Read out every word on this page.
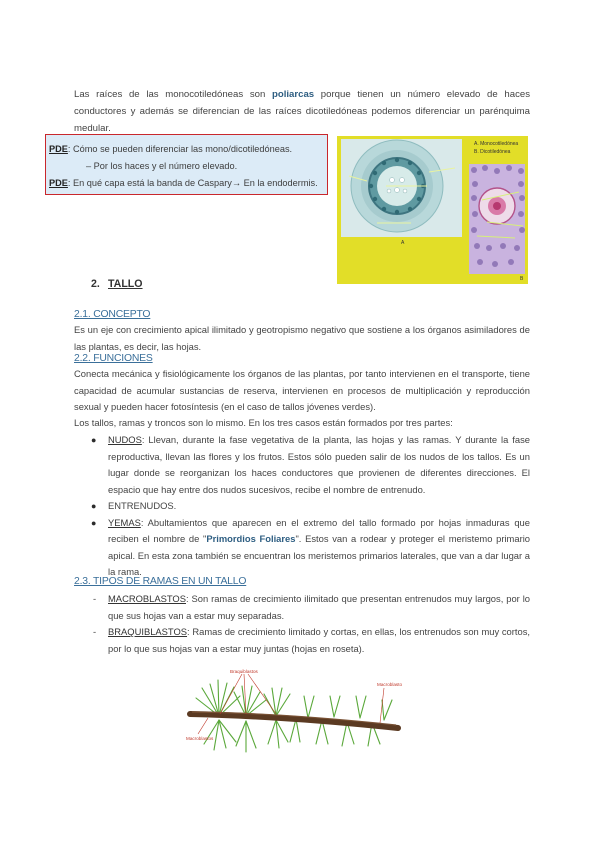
Las raíces de las monocotiledóneas son poliarcas porque tienen un número elevado de haces conductores y además se diferencian de las raíces dicotiledóneas podemos diferenciar un parénquima medular.

PDE: Cómo se pueden diferenciar las mono/dicotiledóneas.
– Por los haces y el número elevado.
PDE: En qué capa está la banda de Caspary→ En la endodermis.
A
B
A. Monocotiledónea
B. Dicotiledónea
2. TALLO
2.1. CONCEPTO

Es un eje con crecimiento apical ilimitado y geotropismo negativo que sostiene a los órganos asimiladores de las plantas, es decir, las hojas.

2.2. FUNCIONES

Conecta mecánica y fisiológicamente los órganos de las plantas, por tanto intervienen en el transporte, tiene capacidad de acumular sustancias de reserva, intervienen en procesos de multiplicación y reproducción sexual y pueden hacer fotosíntesis (en el caso de tallos jóvenes verdes).

Los tallos, ramas y troncos son lo mismo. En los tres casos están formados por tres partes:

● NUDOS: Llevan, durante la fase vegetativa de la planta, las hojas y las ramas. Y durante la fase reproductiva, llevan las flores y los frutos. Estos sólo pueden salir de los nudos de los tallos. Es un lugar donde se reorganizan los haces conductores que provienen de diferentes direcciones. El espacio que hay entre dos nudos sucesivos, recibe el nombre de entrenudo.
● ENTRENUDOS.
● YEMAS: Abultamientos que aparecen en el extremo del tallo formado por hojas inmaduras que reciben el nombre de "Primordios Foliares". Estos van a rodear y proteger el meristemo primario apical. En esta zona también se encuentran los meristemos primarios laterales, que van a dar lugar a la rama.
2.3. TIPOS DE RAMAS EN UN TALLO
- MACROBLASTOS: Son ramas de crecimiento ilimitado que presentan entrenudos muy largos, por lo que sus hojas van a estar muy separadas.
- BRAQUIBLASTOS: Ramas de crecimiento limitado y cortas, en ellas, los entrenudos son muy cortos, por lo que sus hojas van a estar muy juntas (hojas en roseta).
Braquiblastos
Macroblastos
Macroblasto
